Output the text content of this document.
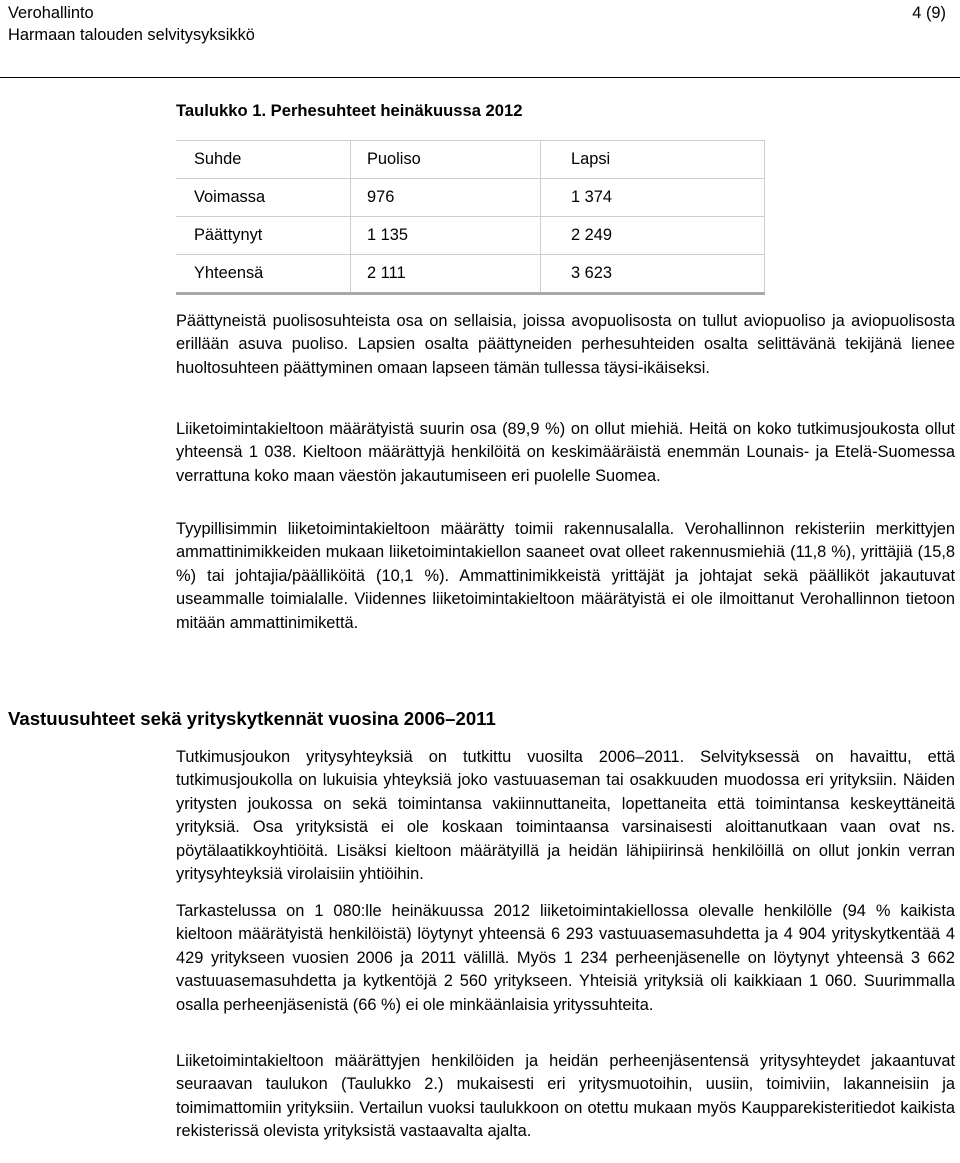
Verohallinto
Harmaan talouden selvitysyksikkö
4 (9)
Taulukko 1. Perhesuhteet heinäkuussa 2012
Suhde	Puoliso	Lapsi
Voimassa	976	1 374
Päättynyt	1 135	2 249
Yhteensä	2 111	3 623
Päättyneistä puolisosuhteista osa on sellaisia, joissa avopuolisosta on tullut aviopuoliso ja aviopuolisosta erillään asuva puoliso. Lapsien osalta päättyneiden perhesuhteiden osalta selittävänä tekijänä lienee huoltosuhteen päättyminen omaan lapseen tämän tullessa täysi-ikäiseksi.
Liiketoimintakieltoon määrätyistä suurin osa (89,9 %) on ollut miehiä. Heitä on koko tutkimusjoukosta ollut yhteensä 1 038. Kieltoon määrättyjä henkilöitä on keskimääräistä enemmän Lounais- ja Etelä-Suomessa verrattuna koko maan väestön jakautumiseen eri puolelle Suomea.
Tyypillisimmin liiketoimintakieltoon määrätty toimii rakennusalalla. Verohallinnon rekisteriin merkittyjen ammattinimikkeiden mukaan liiketoimintakiellon saaneet ovat olleet rakennusmiehiä (11,8 %), yrittäjiä (15,8 %) tai johtajia/päälliköitä (10,1 %). Ammattinimikkeistä yrittäjät ja johtajat sekä päälliköt jakautuvat useammalle toimialalle. Viidennes liiketoimintakieltoon määrätyistä ei ole ilmoittanut Verohallinnon tietoon mitään ammattinimikettä.
Vastuusuhteet sekä yrityskytkennät vuosina 2006–2011
Tutkimusjoukon yritysyhteyksiä on tutkittu vuosilta 2006–2011. Selvityksessä on havaittu, että tutkimusjoukolla on lukuisia yhteyksiä joko vastuuaseman tai osakkuuden muodossa eri yrityksiin. Näiden yritysten joukossa on sekä toimintansa vakiinnuttaneita, lopettaneita että toimintansa keskeyttäneitä yrityksiä. Osa yrityksistä ei ole koskaan toimintaansa varsinaisesti aloittanutkaan vaan ovat ns. pöytälaatikkoyhtiöitä. Lisäksi kieltoon määrätyillä ja heidän lähipiirinsä henkilöillä on ollut jonkin verran yritysyhteyksiä virolaisiin yhtiöihin.
Tarkastelussa on 1 080:lle heinäkuussa 2012 liiketoimintakiellossa olevalle henkilölle (94 % kaikista kieltoon määrätyistä henkilöistä) löytynyt yhteensä 6 293 vastuuasemasuhdetta ja 4 904 yrityskytkentää 4 429 yritykseen vuosien 2006 ja 2011 välillä. Myös 1 234 perheenjäsenelle on löytynyt yhteensä 3 662 vastuuasemasuhdetta ja kytkentöjä 2 560 yritykseen. Yhteisiä yrityksiä oli kaikkiaan 1 060. Suurimmalla osalla perheenjäsenistä (66 %) ei ole minkäänlaisia yrityssuhteita.
Liiketoimintakieltoon määrättyjen henkilöiden ja heidän perheenjäsentensä yritysyhteydet jakaantuvat seuraavan taulukon (Taulukko 2.) mukaisesti eri yritysmuotoihin, uusiin, toimiviin, lakanneisiin ja toimimattomiin yrityksiin. Vertailun vuoksi taulukkoon on otettu mukaan myös Kaupparekisteritiedot kaikista rekisterissä olevista yrityksistä vastaavalta ajalta.
